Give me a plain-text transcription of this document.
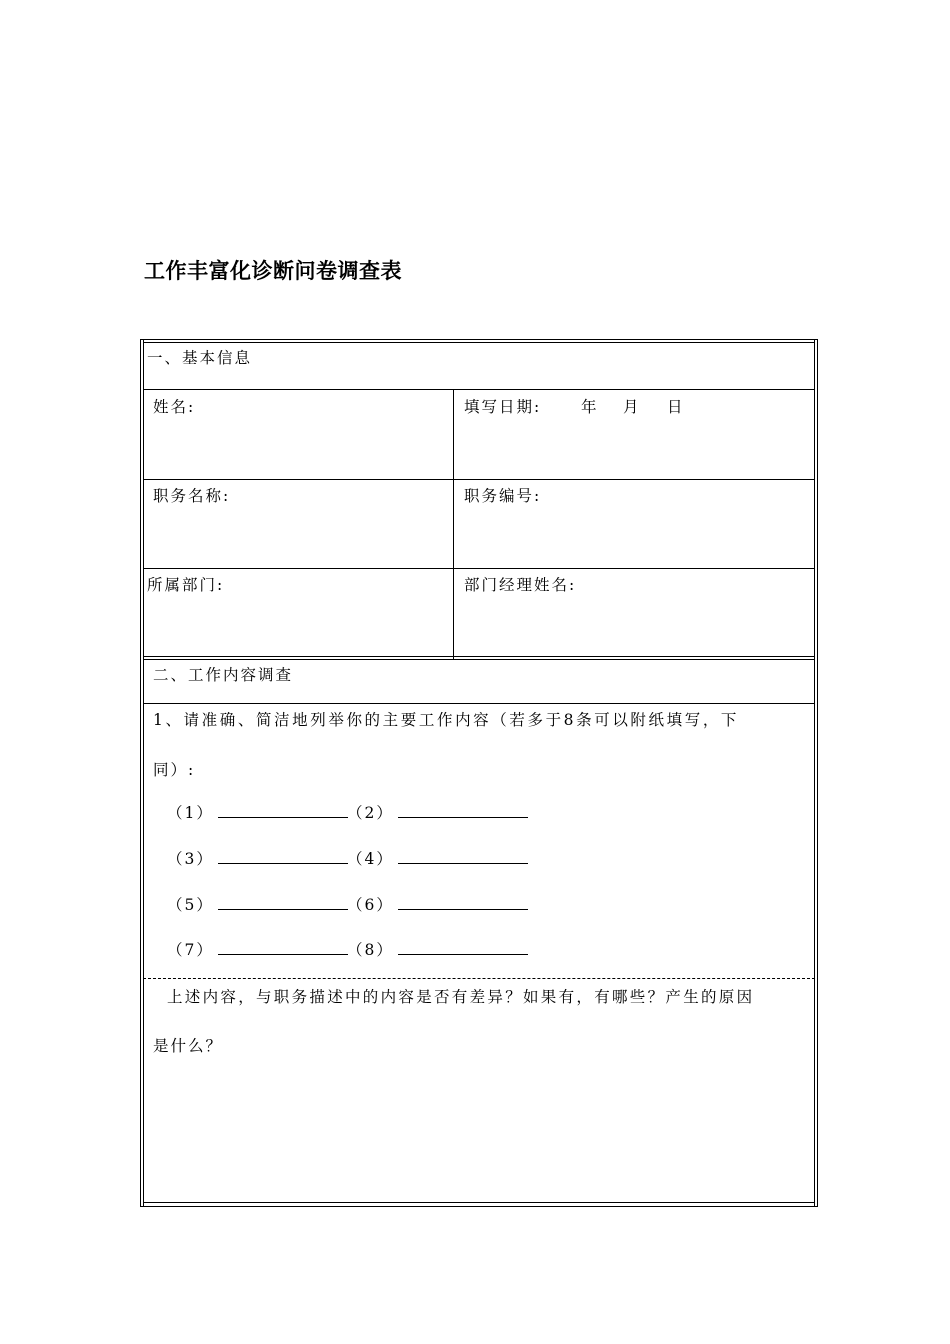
工作丰富化诊断问卷调查表
一、基本信息
姓名:	填写日期:	年 月 日
职务名称:	职务编号:
所属部门:	部门经理姓名:
二、工作内容调查
1、请准确、简洁地列举你的主要工作内容（若多于8条可以附纸填写，下
同）:
（1）	（2）
（3）	（4）
（5）	（6）
（7）	（8）
上述内容，与职务描述中的内容是否有差异？如果有，有哪些？产生的原因
是什么？
